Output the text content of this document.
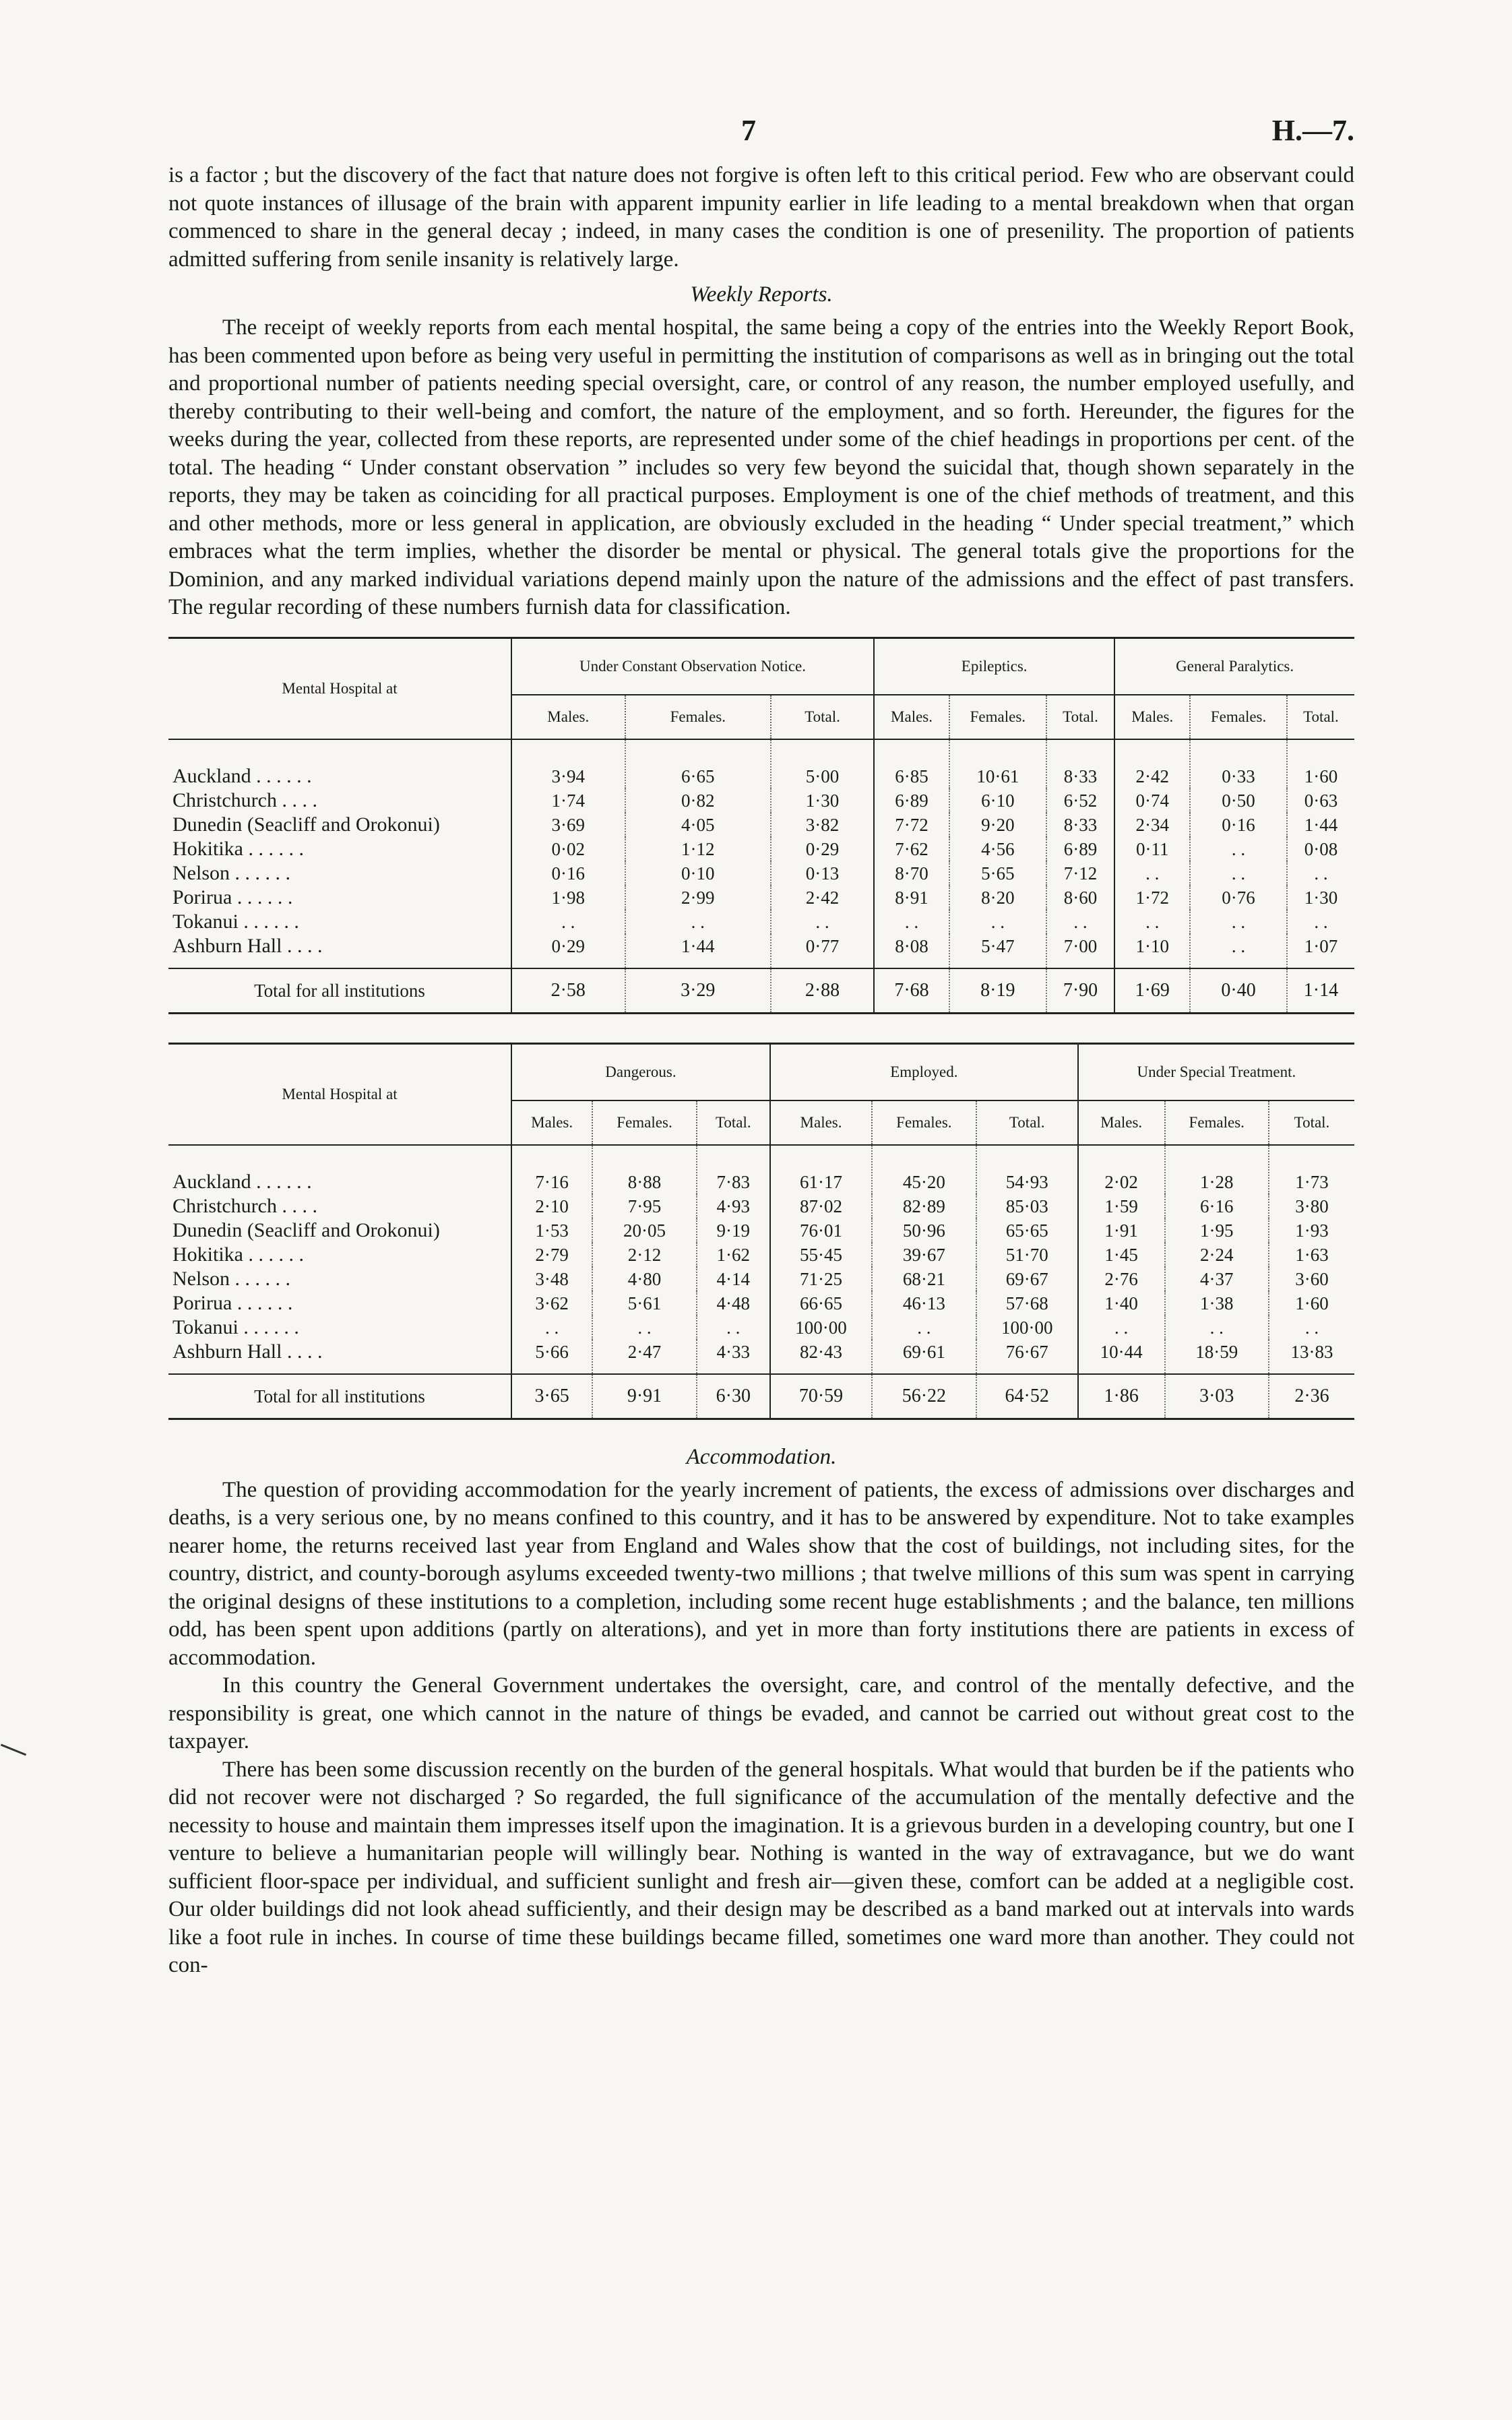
7	H.—7.

is a factor ; but the discovery of the fact that nature does not forgive is often left to this critical period. Few who are observant could not quote instances of illusage of the brain with apparent impunity earlier in life leading to a mental breakdown when that organ commenced to share in the general decay ; indeed, in many cases the condition is one of presenility. The proportion of patients admitted suffering from senile insanity is relatively large.

Weekly Reports.

The receipt of weekly reports from each mental hospital, the same being a copy of the entries into the Weekly Report Book, has been commented upon before as being very useful in permitting the institution of comparisons as well as in bringing out the total and proportional number of patients needing special oversight, care, or control of any reason, the number employed usefully, and thereby contributing to their well-being and comfort, the nature of the employment, and so forth. Hereunder, the figures for the weeks during the year, collected from these reports, are represented under some of the chief headings in proportions per cent. of the total. The heading “ Under constant observation ” includes so very few beyond the suicidal that, though shown separately in the reports, they may be taken as coinciding for all practical purposes. Employment is one of the chief methods of treatment, and this and other methods, more or less general in application, are obviously excluded in the heading “ Under special treatment,” which embraces what the term implies, whether the disorder be mental or physical. The general totals give the proportions for the Dominion, and any marked individual variations depend mainly upon the nature of the admissions and the effect of past transfers. The regular recording of these numbers furnish data for classification.

Mental Hospital at	Under Constant Observation Notice.			Epileptics.			General Paralytics.		
	Males.	Females.	Total.	Males.	Females.	Total.	Males.	Females.	Total.
Auckland . . . . . .	3·94	6·65	5·00	6·85	10·61	8·33	2·42	0·33	1·60
Christchurch . . . .	1·74	0·82	1·30	6·89	6·10	6·52	0·74	0·50	0·63
Dunedin (Seacliff and Orokonui)	3·69	4·05	3·82	7·72	9·20	8·33	2·34	0·16	1·44
Hokitika . . . . . .	0·02	1·12	0·29	7·62	4·56	6·89	0·11	. .	0·08
Nelson . . . . . .	0·16	0·10	0·13	8·70	5·65	7·12	. .	. .	. .
Porirua . . . . . .	1·98	2·99	2·42	8·91	8·20	8·60	1·72	0·76	1·30
Tokanui . . . . . .	. .	. .	. .	. .	. .	. .	. .	. .	. .
Ashburn Hall . . . .	0·29	1·44	0·77	8·08	5·47	7·00	1·10	. .	1·07
Total for all institutions	2·58	3·29	2·88	7·68	8·19	7·90	1·69	0·40	1·14
Mental Hospital at	Dangerous.			Employed.			Under Special Treatment.		
	Males.	Females.	Total.	Males.	Females.	Total.	Males.	Females.	Total.
Auckland . . . . . .	7·16	8·88	7·83	61·17	45·20	54·93	2·02	1·28	1·73
Christchurch . . . .	2·10	7·95	4·93	87·02	82·89	85·03	1·59	6·16	3·80
Dunedin (Seacliff and Orokonui)	1·53	20·05	9·19	76·01	50·96	65·65	1·91	1·95	1·93
Hokitika . . . . . .	2·79	2·12	1·62	55·45	39·67	51·70	1·45	2·24	1·63
Nelson . . . . . .	3·48	4·80	4·14	71·25	68·21	69·67	2·76	4·37	3·60
Porirua . . . . . .	3·62	5·61	4·48	66·65	46·13	57·68	1·40	1·38	1·60
Tokanui . . . . . .	. .	. .	. .	100·00	. .	100·00	. .	. .	. .
Ashburn Hall . . . .	5·66	2·47	4·33	82·43	69·61	76·67	10·44	18·59	13·83
Total for all institutions	3·65	9·91	6·30	70·59	56·22	64·52	1·86	3·03	2·36
Accommodation.

The question of providing accommodation for the yearly increment of patients, the excess of admissions over discharges and deaths, is a very serious one, by no means confined to this country, and it has to be answered by expenditure. Not to take examples nearer home, the returns received last year from England and Wales show that the cost of buildings, not including sites, for the country, district, and county-borough asylums exceeded twenty-two millions ; that twelve millions of this sum was spent in carrying the original designs of these institutions to a completion, including some recent huge establishments ; and the balance, ten millions odd, has been spent upon additions (partly on alterations), and yet in more than forty institutions there are patients in excess of accommodation.

In this country the General Government undertakes the oversight, care, and control of the mentally defective, and the responsibility is great, one which cannot in the nature of things be evaded, and cannot be carried out without great cost to the taxpayer.

There has been some discussion recently on the burden of the general hospitals. What would that burden be if the patients who did not recover were not discharged ? So regarded, the full significance of the accumulation of the mentally defective and the necessity to house and maintain them impresses itself upon the imagination. It is a grievous burden in a developing country, but one I venture to believe a humanitarian people will willingly bear. Nothing is wanted in the way of extravagance, but we do want sufficient floor-space per individual, and sufficient sunlight and fresh air—given these, comfort can be added at a negligible cost. Our older buildings did not look ahead sufficiently, and their design may be described as a band marked out at intervals into wards like a foot rule in inches. In course of time these buildings became filled, sometimes one ward more than another. They could not con-
